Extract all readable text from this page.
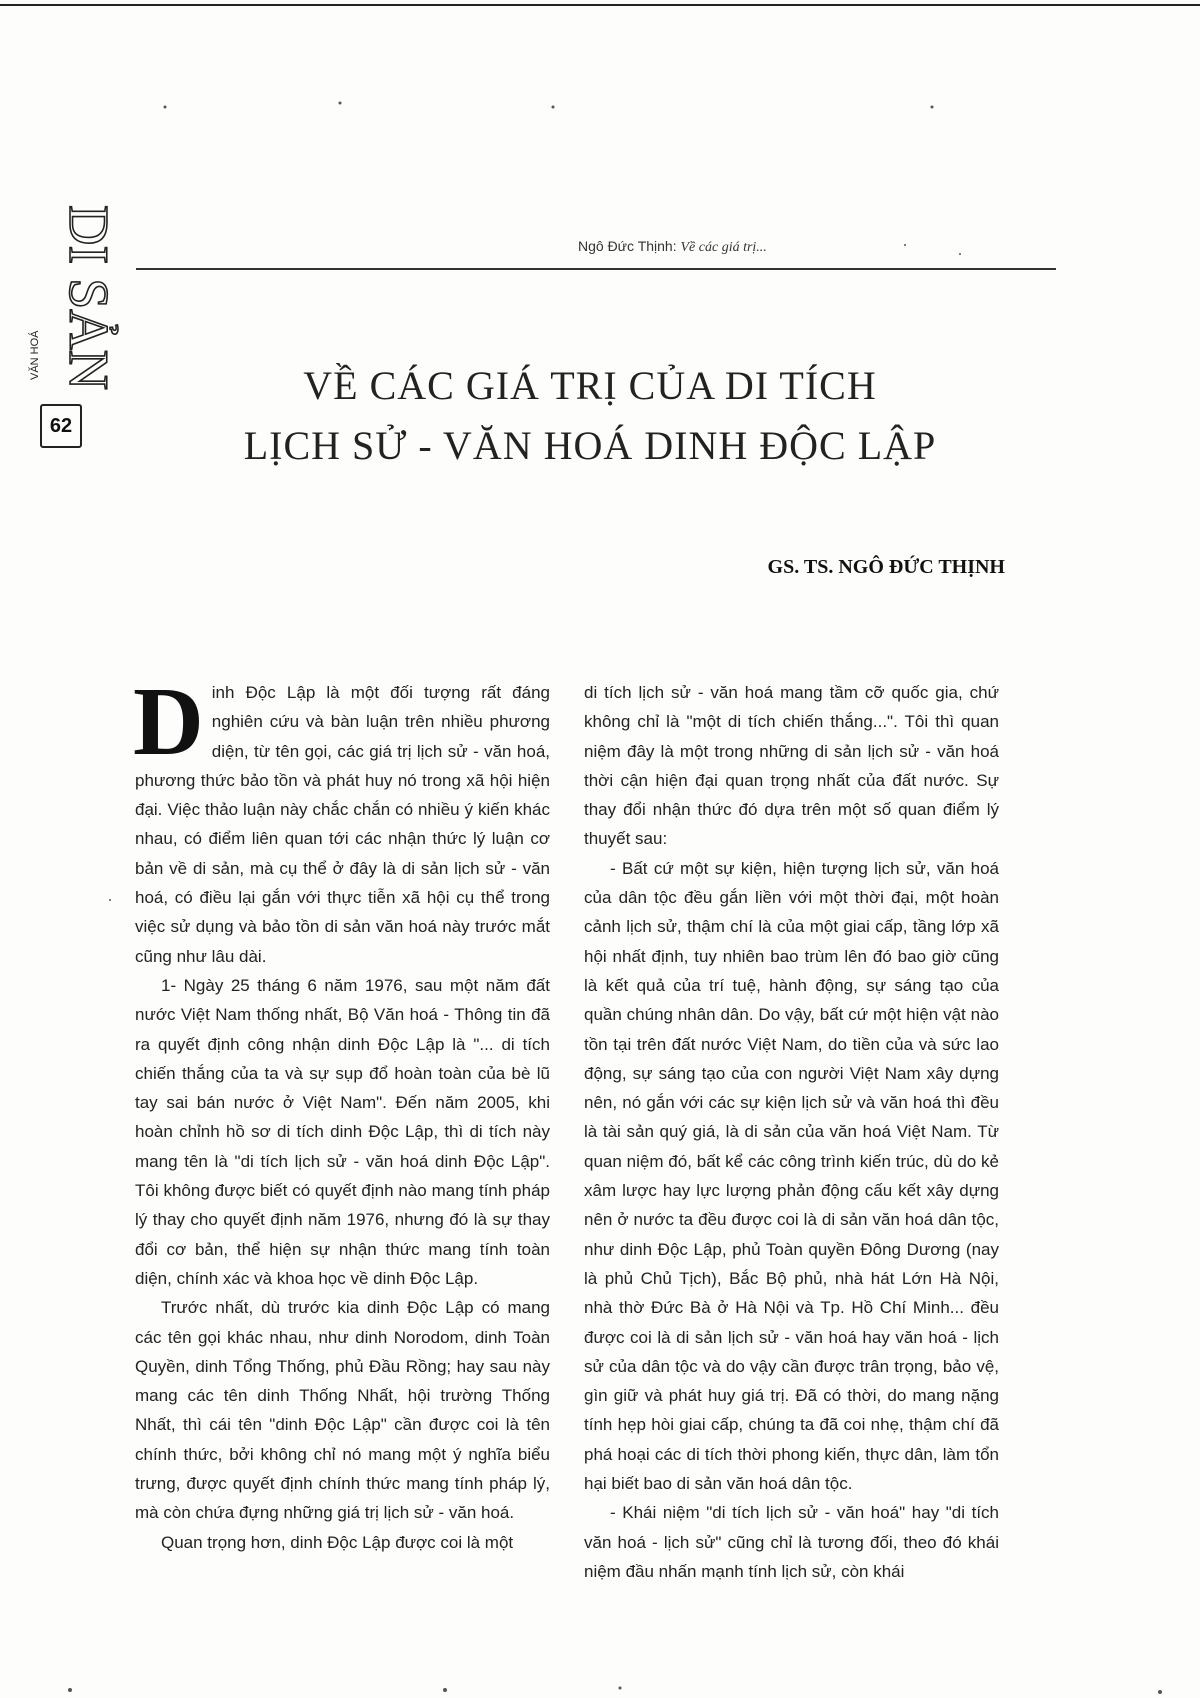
DI SẢN
VĂN HOÁ
62
Ngô Đức Thịnh: Về các giá trị...
VỀ CÁC GIÁ TRỊ CỦA DI TÍCH
LỊCH SỬ - VĂN HOÁ DINH ĐỘC LẬP
GS. TS. NGÔ ĐỨC THỊNH

Dinh Độc Lập là một đối tượng rất đáng nghiên cứu và bàn luận trên nhiều phương diện, từ tên gọi, các giá trị lịch sử - văn hoá, phương thức bảo tồn và phát huy nó trong xã hội hiện đại. Việc thảo luận này chắc chắn có nhiều ý kiến khác nhau, có điểm liên quan tới các nhận thức lý luận cơ bản về di sản, mà cụ thể ở đây là di sản lịch sử - văn hoá, có điều lại gắn với thực tiễn xã hội cụ thể trong việc sử dụng và bảo tồn di sản văn hoá này trước mắt cũng như lâu dài.

1- Ngày 25 tháng 6 năm 1976, sau một năm đất nước Việt Nam thống nhất, Bộ Văn hoá - Thông tin đã ra quyết định công nhận dinh Độc Lập là "... di tích chiến thắng của ta và sự sụp đổ hoàn toàn của bè lũ tay sai bán nước ở Việt Nam". Đến năm 2005, khi hoàn chỉnh hồ sơ di tích dinh Độc Lập, thì di tích này mang tên là "di tích lịch sử - văn hoá dinh Độc Lập". Tôi không được biết có quyết định nào mang tính pháp lý thay cho quyết định năm 1976, nhưng đó là sự thay đổi cơ bản, thể hiện sự nhận thức mang tính toàn diện, chính xác và khoa học về dinh Độc Lập.

Trước nhất, dù trước kia dinh Độc Lập có mang các tên gọi khác nhau, như dinh Norodom, dinh Toàn Quyền, dinh Tổng Thống, phủ Đầu Rồng; hay sau này mang các tên dinh Thống Nhất, hội trường Thống Nhất, thì cái tên "dinh Độc Lập" cần được coi là tên chính thức, bởi không chỉ nó mang một ý nghĩa biểu trưng, được quyết định chính thức mang tính pháp lý, mà còn chứa đựng những giá trị lịch sử - văn hoá.

Quan trọng hơn, dinh Độc Lập được coi là một

di tích lịch sử - văn hoá mang tầm cỡ quốc gia, chứ không chỉ là "một di tích chiến thắng...". Tôi thì quan niệm đây là một trong những di sản lịch sử - văn hoá thời cận hiện đại quan trọng nhất của đất nước. Sự thay đổi nhận thức đó dựa trên một số quan điểm lý thuyết sau:

- Bất cứ một sự kiện, hiện tượng lịch sử, văn hoá của dân tộc đều gắn liền với một thời đại, một hoàn cảnh lịch sử, thậm chí là của một giai cấp, tầng lớp xã hội nhất định, tuy nhiên bao trùm lên đó bao giờ cũng là kết quả của trí tuệ, hành động, sự sáng tạo của quần chúng nhân dân. Do vậy, bất cứ một hiện vật nào tồn tại trên đất nước Việt Nam, do tiền của và sức lao động, sự sáng tạo của con người Việt Nam xây dựng nên, nó gắn với các sự kiện lịch sử và văn hoá thì đều là tài sản quý giá, là di sản của văn hoá Việt Nam. Từ quan niệm đó, bất kể các công trình kiến trúc, dù do kẻ xâm lược hay lực lượng phản động cấu kết xây dựng nên ở nước ta đều được coi là di sản văn hoá dân tộc, như dinh Độc Lập, phủ Toàn quyền Đông Dương (nay là phủ Chủ Tịch), Bắc Bộ phủ, nhà hát Lớn Hà Nội, nhà thờ Đức Bà ở Hà Nội và Tp. Hồ Chí Minh... đều được coi là di sản lịch sử - văn hoá hay văn hoá - lịch sử của dân tộc và do vậy cần được trân trọng, bảo vệ, gìn giữ và phát huy giá trị. Đã có thời, do mang nặng tính hẹp hòi giai cấp, chúng ta đã coi nhẹ, thậm chí đã phá hoại các di tích thời phong kiến, thực dân, làm tổn hại biết bao di sản văn hoá dân tộc.

- Khái niệm "di tích lịch sử - văn hoá" hay "di tích văn hoá - lịch sử" cũng chỉ là tương đối, theo đó khái niệm đầu nhấn mạnh tính lịch sử, còn khái
